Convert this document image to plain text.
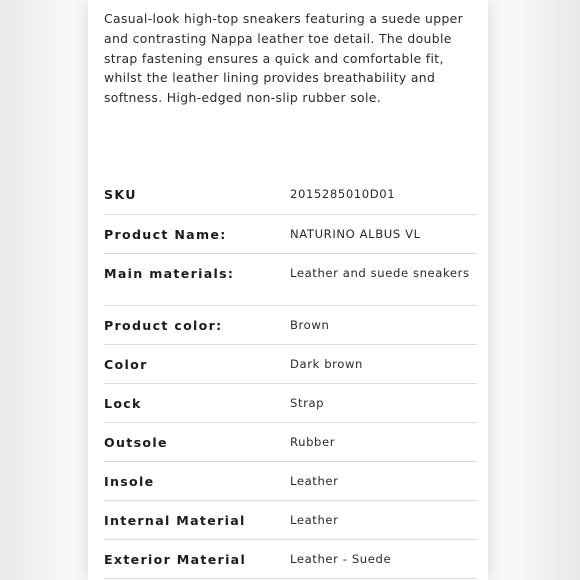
Casual-look high-top sneakers featuring a suede upper and contrasting Nappa leather toe detail. The double strap fastening ensures a quick and comfortable fit, whilst the leather lining provides breathability and softness. High-edged non-slip rubber sole.

SKU	2015285010D01
Product Name:	NATURINO ALBUS VL
Main materials:	Leather and suede sneakers
Product color:	Brown
Color	Dark brown
Lock	Strap
Outsole	Rubber
Insole	Leather
Internal Material	Leather
Exterior Material	Leather - Suede
